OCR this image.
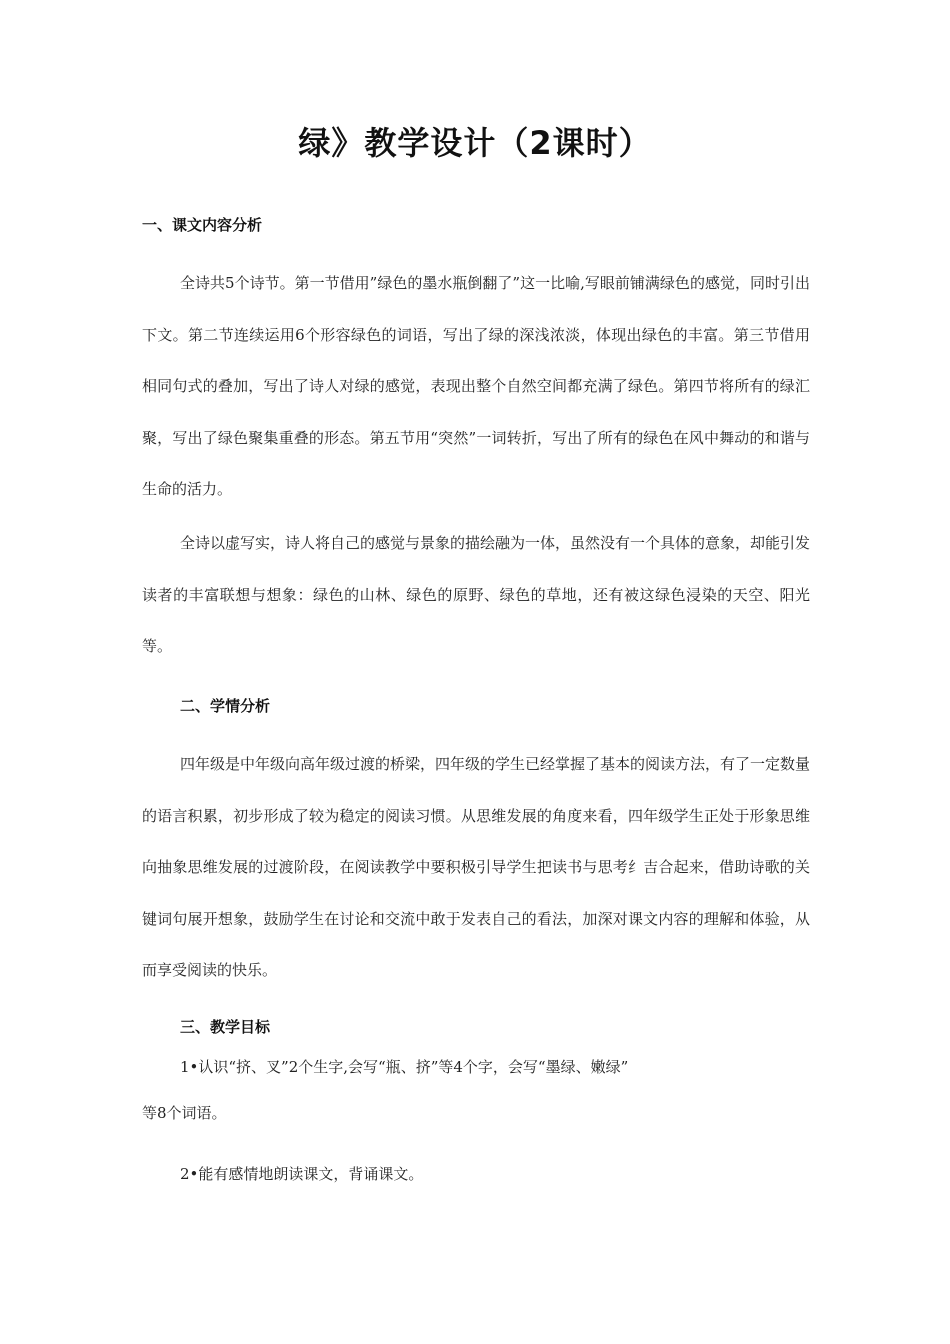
绿》教学设计（2课时）
一、课文内容分析

全诗共5个诗节。第一节借用”绿色的墨水瓶倒翻了”这一比喻,写眼前铺满绿色的感觉，同时引出下文。第二节连续运用6个形容绿色的词语，写出了绿的深浅浓淡，体现出绿色的丰富。第三节借用相同句式的叠加，写出了诗人对绿的感觉，表现出整个自然空间都充满了绿色。第四节将所有的绿汇聚，写出了绿色聚集重叠的形态。第五节用“突然”一词转折，写出了所有的绿色在风中舞动的和谐与生命的活力。

全诗以虚写实，诗人将自己的感觉与景象的描绘融为一体，虽然没有一个具体的意象，却能引发读者的丰富联想与想象：绿色的山林、绿色的原野、绿色的草地，还有被这绿色浸染的天空、阳光等。

二、学情分析

四年级是中年级向高年级过渡的桥梁，四年级的学生已经掌握了基本的阅读方法，有了一定数量的语言积累，初步形成了较为稳定的阅读习惯。从思维发展的角度来看，四年级学生正处于形象思维向抽象思维发展的过渡阶段，在阅读教学中要积极引导学生把读书与思考纟吉合起来，借助诗歌的关键词句展开想象，鼓励学生在讨论和交流中敢于发表自己的看法，加深对课文内容的理解和体验，从而享受阅读的快乐。

三、教学目标

1•认识“挤、叉”2个生字,会写“瓶、挤”等4个字，会写“墨绿、嫩绿”

等8个词语。

2•能有感情地朗读课文，背诵课文。
